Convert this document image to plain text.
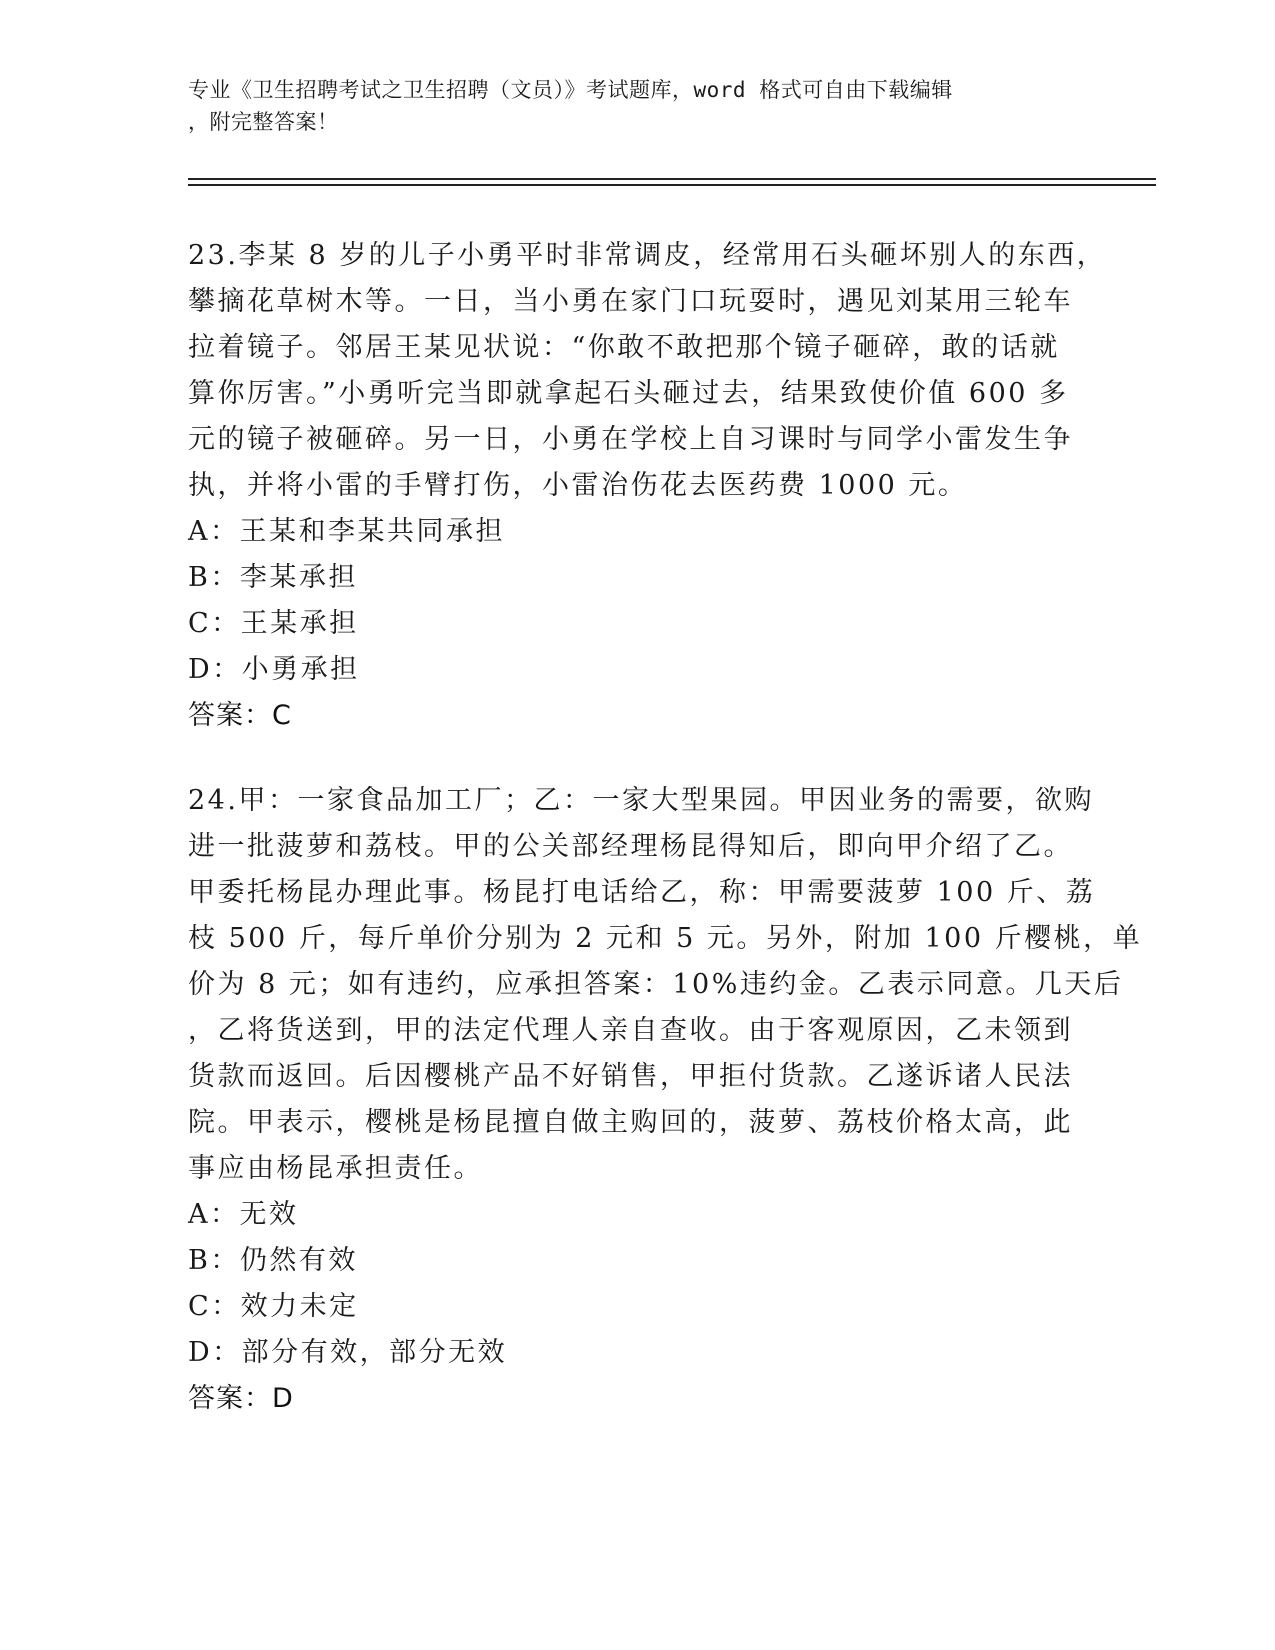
专业《卫生招聘考试之卫生招聘（文员）》考试题库，word 格式可自由下载编辑
，附完整答案！
23.李某 8 岁的儿子小勇平时非常调皮，经常用石头砸坏别人的东西，
攀摘花草树木等。一日，当小勇在家门口玩耍时，遇见刘某用三轮车
拉着镜子。邻居王某见状说：“你敢不敢把那个镜子砸碎，敢的话就
算你厉害。”小勇听完当即就拿起石头砸过去，结果致使价值 600 多
元的镜子被砸碎。另一日，小勇在学校上自习课时与同学小雷发生争
执，并将小雷的手臂打伤，小雷治伤花去医药费 1000 元。
A：王某和李某共同承担
B：李某承担
C：王某承担
D：小勇承担
答案：C
24.甲：一家食品加工厂；乙：一家大型果园。甲因业务的需要，欲购
进一批菠萝和荔枝。甲的公关部经理杨昆得知后，即向甲介绍了乙。
甲委托杨昆办理此事。杨昆打电话给乙，称：甲需要菠萝 100 斤、荔
枝 500 斤，每斤单价分别为 2 元和 5 元。另外，附加 100 斤樱桃，单
价为 8 元；如有违约，应承担答案：10%违约金。乙表示同意。几天后
，乙将货送到，甲的法定代理人亲自查收。由于客观原因，乙未领到
货款而返回。后因樱桃产品不好销售，甲拒付货款。乙遂诉诸人民法
院。甲表示，樱桃是杨昆擅自做主购回的，菠萝、荔枝价格太高，此
事应由杨昆承担责任。
A：无效
B：仍然有效
C：效力未定
D：部分有效，部分无效
答案：D
